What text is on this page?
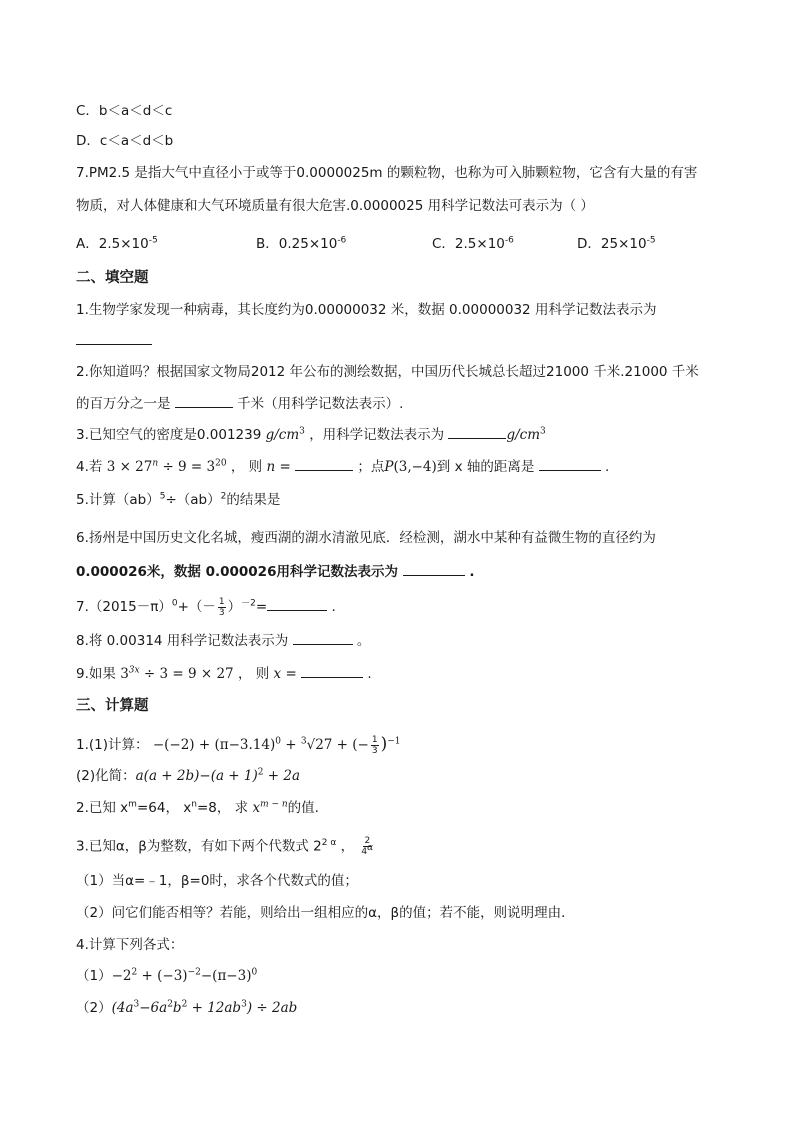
C．b＜a＜d＜c
D．c＜a＜d＜b
7.PM2.5 是指大气中直径小于或等于0.0000025m 的颗粒物，也称为可入肺颗粒物，它含有大量的有害
物质，对人体健康和大气环境质量有很大危害.0.0000025 用科学记数法可表示为（ ）
A．$2.5\times 10^{-5}$	B．$0.25\times 10^{-6}$	C．$2.5\times 10^{-6}$	D．$25\times 10^{-5}$
二、填空题
1.生物学家发现一种病毒，其长度约为0.00000032 米，数据 0.00000032 用科学记数法表示为
2.你知道吗？根据国家文物局2012 年公布的测绘数据，中国历代长城总长超过21000 千米.21000 千米
的百万分之一是	千米（用科学记数法表示）.
3.已知空气的密度是0.001239 $g/cm^3$ ，用科学记数法表示为	$g/cm^3$
4.若 $3 \times 27^n \div 9 = 3^{20}$ ， 则 n =	；点P(3,−4)到 x 轴的距离是	.
5.计算（ab）$^5$÷（ab）$^2$的结果是
6.扬州是中国历史文化名城，瘦西湖的湖水清澈见底．经检测，湖水中某种有益微生物的直径约为
0.000026米，数据 0.000026用科学记数法表示为	.
$7.(2015-\pi)^0+(- \frac{1}{3} )^{-2}=$	.
8.将 0.00314 用科学记数法表示为	。
9.如果 $3^{3x} \div 3 = 9 \times 27$ ， 则 x =	.
三、计算题
1.(1)计算： $-(-2) + (\pi-3.14)^0 + ^3√27$ + (− $\frac{1}{3} )^{-1}$
(2)化简：$a(a + 2b)-(a + 1)^2 + 2a$
2.已知 $x^m=64$， $x^n=8$， 求 $x^{m - n}$的值.
3.已知α，β为整数，有如下两个代数式 $2^{2 \alpha}$ ， $\frac{2}{4^\alpha}$
（1）当α=﹣1，β=0时，求各个代数式的值；
（2）问它们能否相等？若能，则给出一组相应的α，β的值；若不能，则说明理由．
4.计算下列各式：
$(1)-2^2 + (-3)^{-2}-(\pi-3)^0$
$(2)(4a^3-6a^2b^2 + 12ab^3) \div 2ab$
